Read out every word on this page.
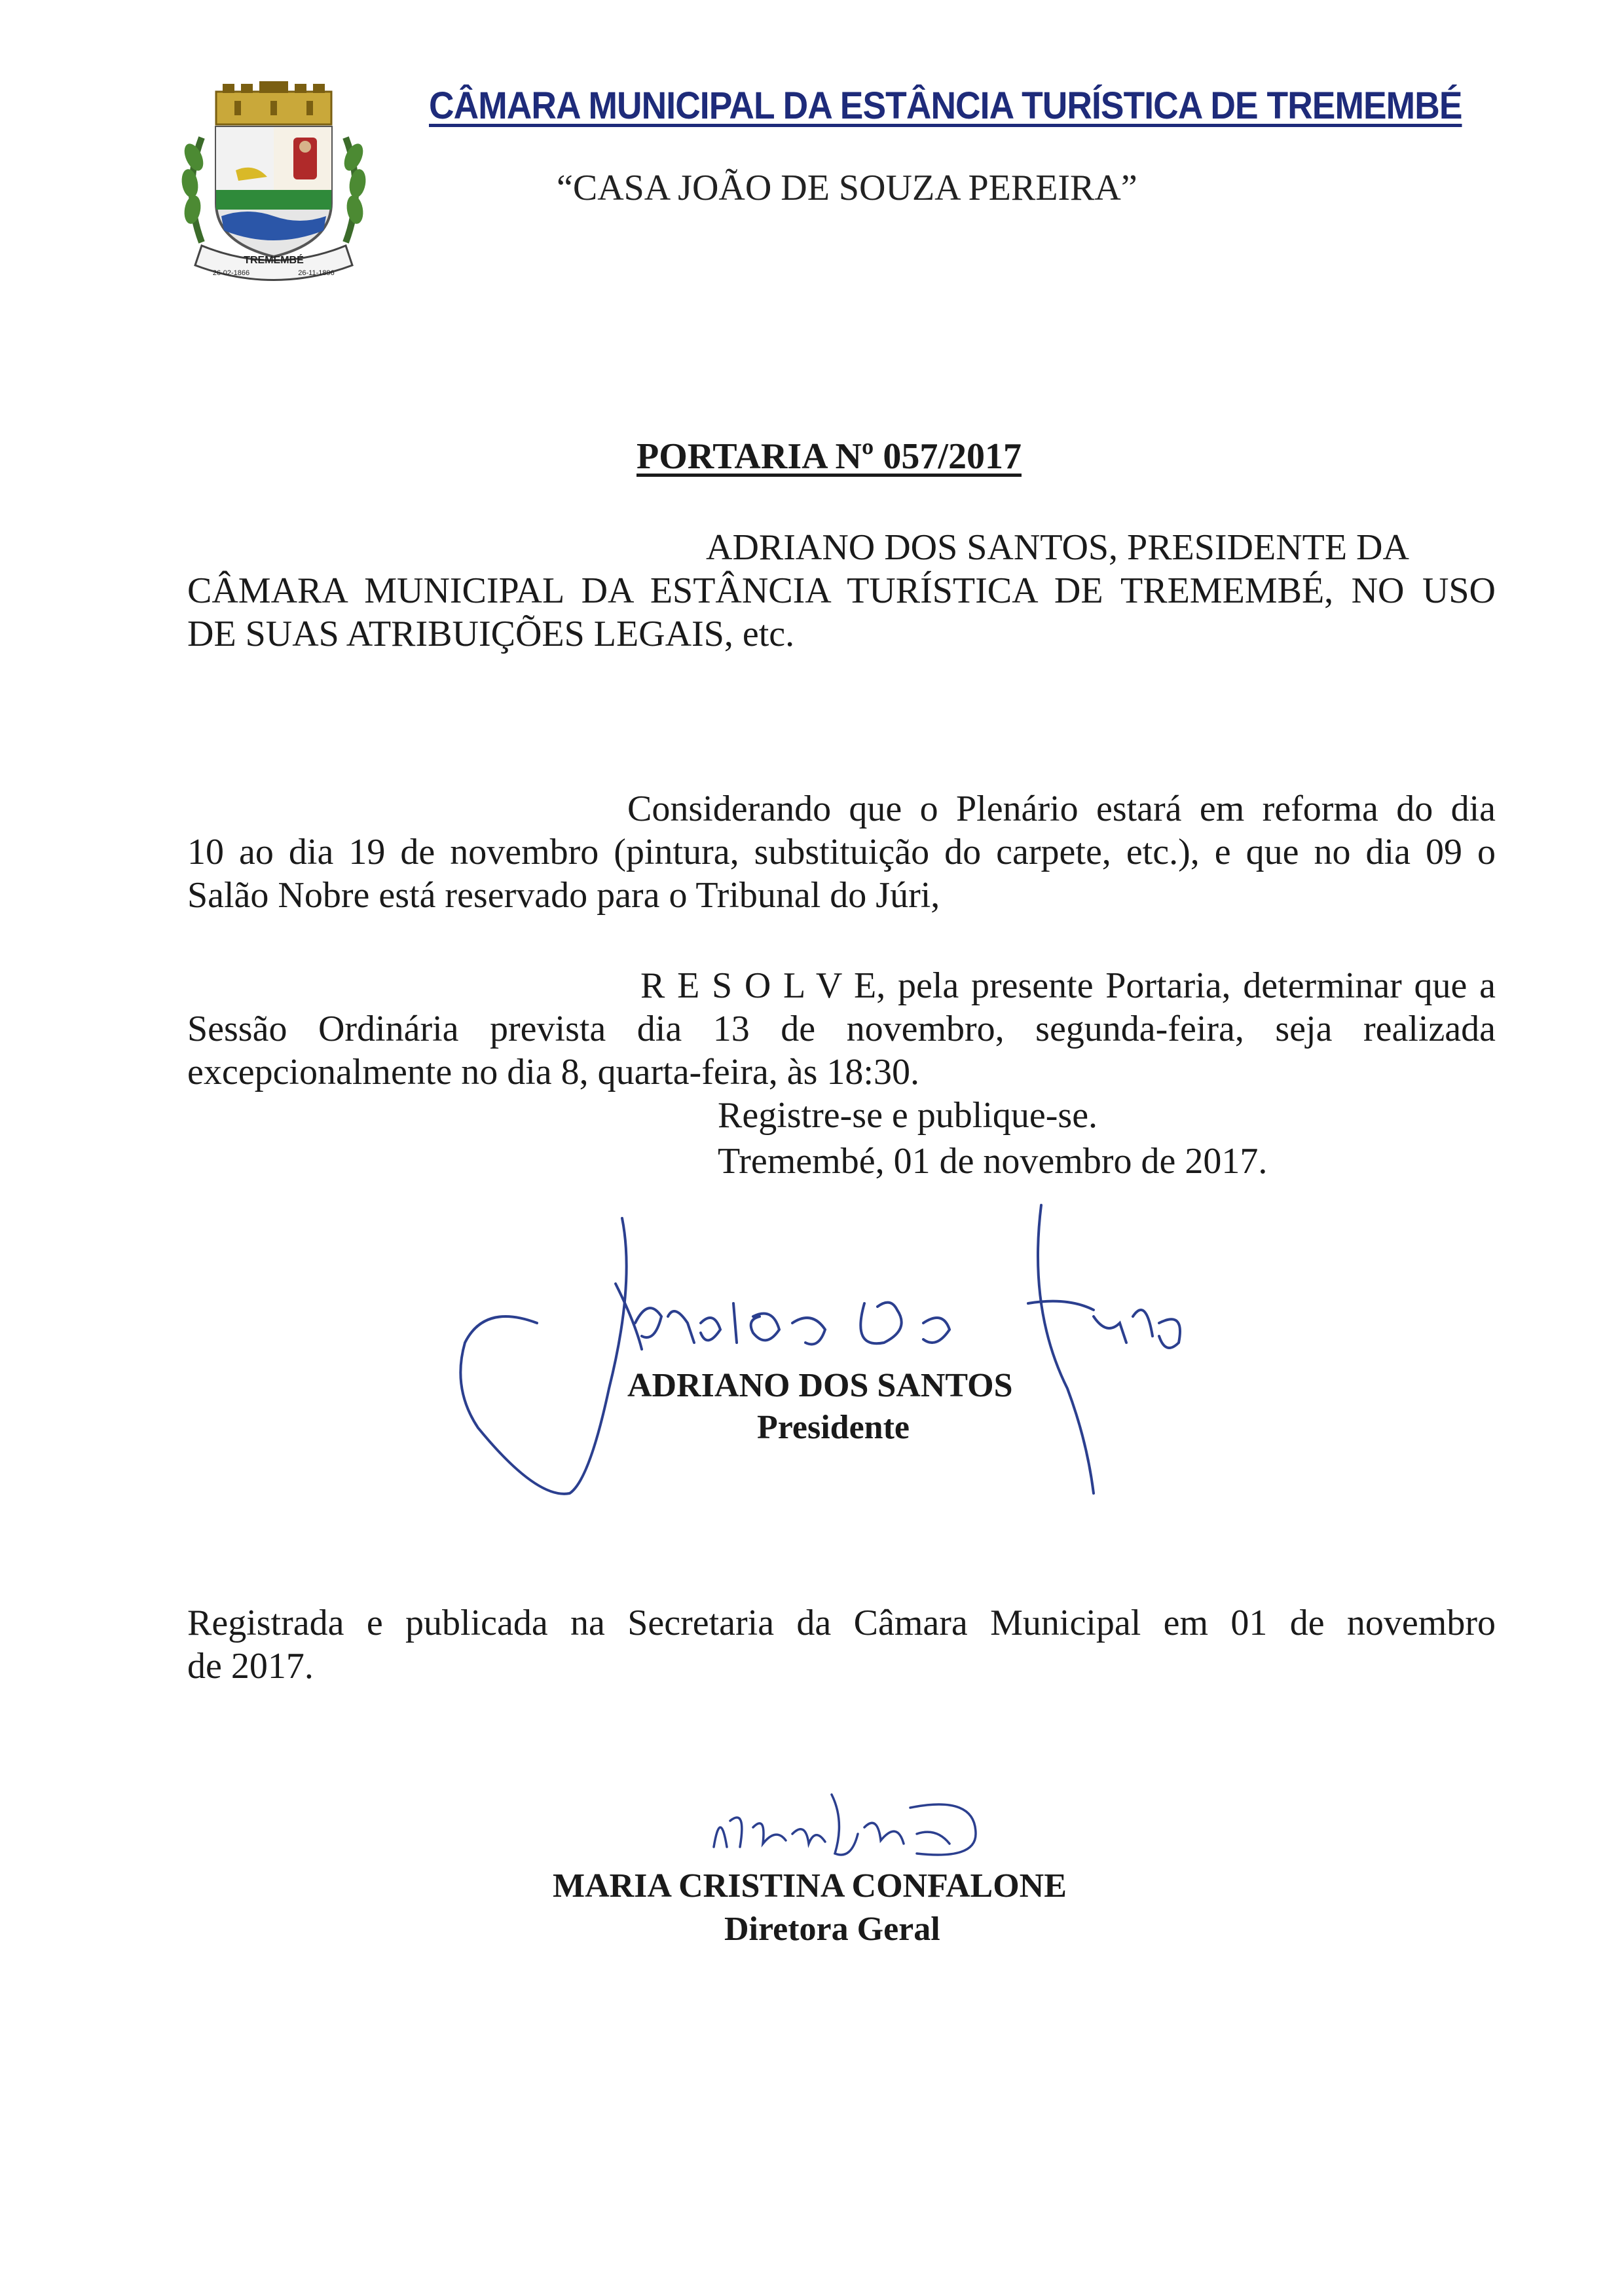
TREMEMBÉ
26-02-1866	26-11-1896
CÂMARA MUNICIPAL DA ESTÂNCIA TURÍSTICA DE TREMEMBÉ
“CASA JOÃO DE SOUZA PEREIRA”
PORTARIA Nº 057/2017
ADRIANO DOS SANTOS, PRESIDENTE DA
CÂMARA MUNICIPAL DA ESTÂNCIA TURÍSTICA DE TREMEMBÉ, NO USO
DE SUAS ATRIBUIÇÕES LEGAIS, etc.
Considerando que o Plenário estará em reforma do dia
10 ao dia 19 de novembro (pintura, substituição do carpete, etc.), e que no dia 09 o
Salão Nobre está reservado para o Tribunal do Júri,
R E S O L V E, pela presente Portaria, determinar que a
Sessão Ordinária prevista dia 13 de novembro, segunda-feira, seja realizada
excepcionalmente no dia 8, quarta-feira, às 18:30.
Registre-se e publique-se.
Tremembé, 01 de novembro de 2017.
ADRIANO DOS SANTOS
Presidente
Registrada e publicada na Secretaria da Câmara Municipal em 01 de novembro
de 2017.
MARIA CRISTINA CONFALONE
Diretora Geral
